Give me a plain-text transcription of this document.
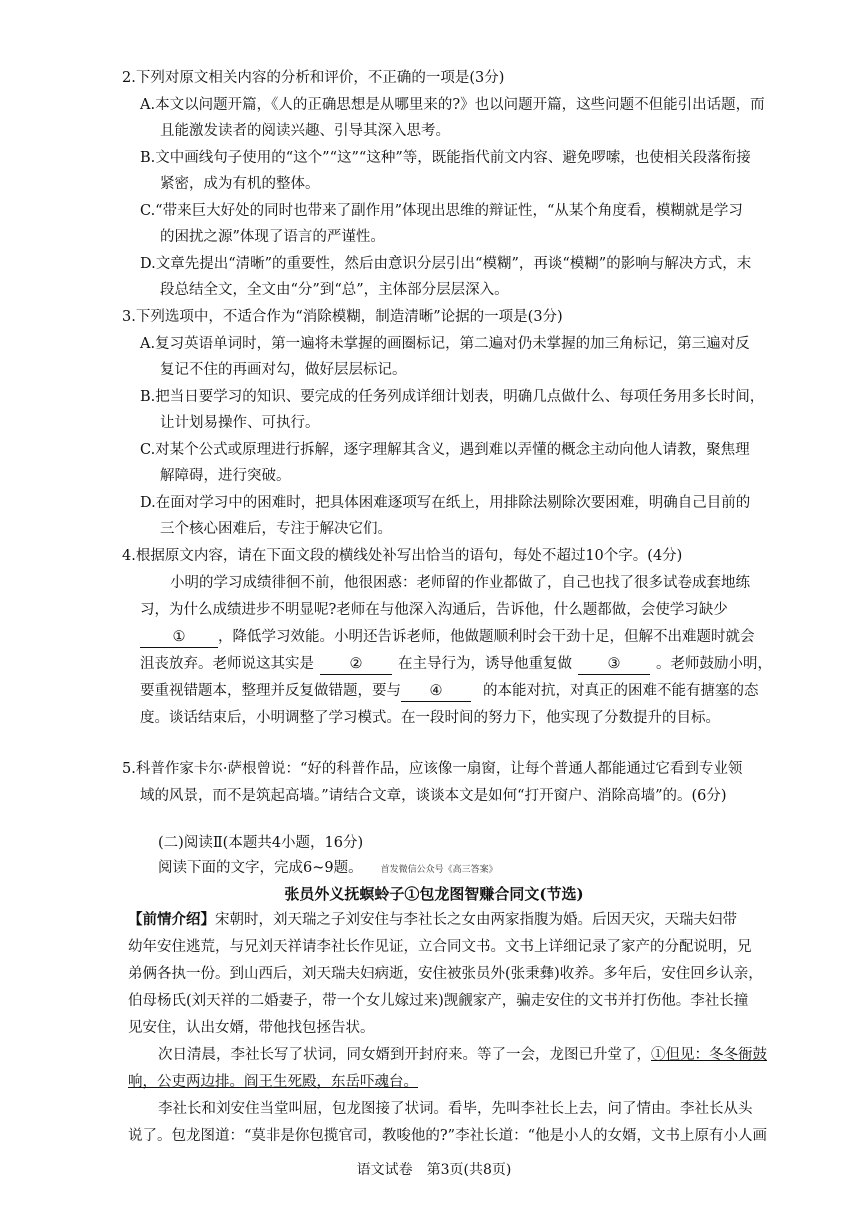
2.下列对原文相关内容的分析和评价，不正确的一项是(3分)
A.本文以问题开篇，《人的正确思想是从哪里来的?》也以问题开篇，这些问题不但能引出话题，而
且能激发读者的阅读兴趣、引导其深入思考。
B.文中画线句子使用的“这个”“这”“这种”等，既能指代前文内容、避免啰嗦，也使相关段落衔接
紧密，成为有机的整体。
C.“带来巨大好处的同时也带来了副作用”体现出思维的辩证性，“从某个角度看，模糊就是学习
的困扰之源”体现了语言的严谨性。
D.文章先提出“清晰”的重要性，然后由意识分层引出“模糊”，再谈“模糊”的影响与解决方式，末
段总结全文，全文由“分”到“总”，主体部分层层深入。
3.下列选项中，不适合作为“消除模糊，制造清晰”论据的一项是(3分)
A.复习英语单词时，第一遍将未掌握的画圈标记，第二遍对仍未掌握的加三角标记，第三遍对反
复记不住的再画对勾，做好层层标记。
B.把当日要学习的知识、要完成的任务列成详细计划表，明确几点做什么、每项任务用多长时间，
让计划易操作、可执行。
C.对某个公式或原理进行拆解，逐字理解其含义，遇到难以弄懂的概念主动向他人请教，聚焦理
解障碍，进行突破。
D.在面对学习中的困难时，把具体困难逐项写在纸上，用排除法剔除次要困难，明确自己目前的
三个核心困难后，专注于解决它们。
4.根据原文内容，请在下面文段的横线处补写出恰当的语句，每处不超过10个字。(4分)
小明的学习成绩徘徊不前，他很困惑：老师留的作业都做了，自己也找了很多试卷成套地练
习，为什么成绩进步不明显呢?老师在与他深入沟通后，告诉他，什么题都做，会使学习缺少
① ，降低学习效能。小明还告诉老师，他做题顺利时会干劲十足，但解不出难题时就会
沮丧放弃。老师说这其实是 ② 在主导行为，诱导他重复做 ③ 。老师鼓励小明，
要重视错题本，整理并反复做错题，要与 ④	的本能对抗，对真正的困难不能有搪塞的态
度。谈话结束后，小明调整了学习模式。在一段时间的努力下，他实现了分数提升的目标。
5.科普作家卡尔·萨根曾说：“好的科普作品，应该像一扇窗，让每个普通人都能通过它看到专业领
域的风景，而不是筑起高墙。”请结合文章，谈谈本文是如何“打开窗户、消除高墙”的。(6分)
(二)阅读Ⅱ(本题共4小题，16分)
阅读下面的文字，完成6~9题。 首发微信公众号《高三答案》
张员外义抚螟蛉子①包龙图智赚合同文(节选)
【前情介绍】宋朝时，刘天瑞之子刘安住与李社长之女由两家指腹为婚。后因天灾，天瑞夫妇带
幼年安住逃荒，与兄刘天祥请李社长作见证，立合同文书。文书上详细记录了家产的分配说明，兄
弟俩各执一份。到山西后，刘天瑞夫妇病逝，安住被张员外(张秉彝)收养。多年后，安住回乡认亲，
伯母杨氏(刘天祥的二婚妻子，带一个女儿嫁过来)觊觎家产，骗走安住的文书并打伤他。李社长撞
见安住，认出女婿，带他找包拯告状。
次日清晨，李社长写了状词，同女婿到开封府来。等了一会，龙图已升堂了，①但见：冬冬衙鼓
响，公吏两边排。阎王生死殿，东岳吓魂台。
李社长和刘安住当堂叫屈，包龙图接了状词。看毕，先叫李社长上去，问了情由。李社长从头
说了。包龙图道：“莫非是你包揽官司，教唆他的?”李社长道：“他是小人的女婿，文书上原有小人画
语文试卷　第3页(共8页)
